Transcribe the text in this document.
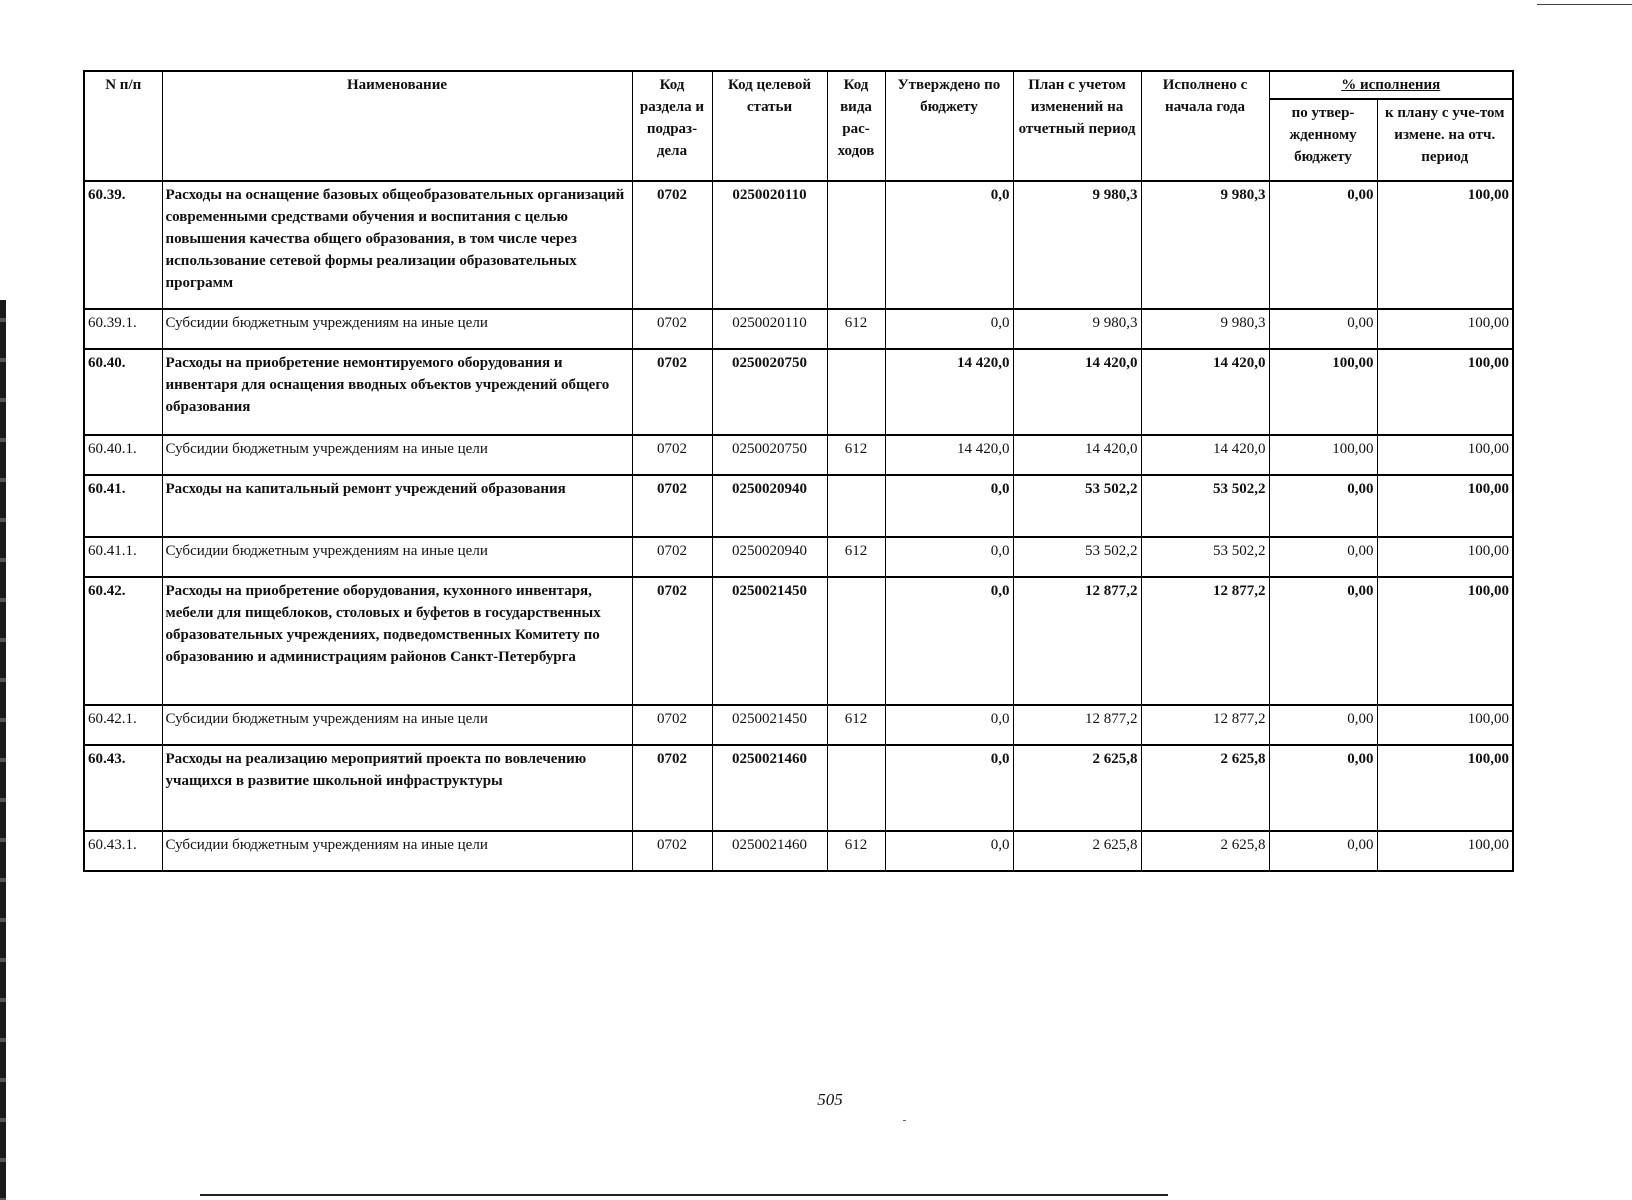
N п/п	Наименование	Код раздела и подраз-дела	Код целевой статьи	Код вида рас-ходов	Утверждено по бюджету	План с учетом изменений на отчетный период	Исполнено с начала года	% исполнения	
								по утвер-жденному бюджету	к плану с уче-том измене. на отч. период
60.39.	Расходы на оснащение базовых общеобразовательных организаций современными средствами обучения и воспитания с целью повышения качества общего образования, в том числе через использование сетевой формы реализации образовательных программ	0702	0250020110		0,0	9 980,3	9 980,3	0,00	100,00
60.39.1.	Субсидии бюджетным учреждениям на иные цели	0702	0250020110	612	0,0	9 980,3	9 980,3	0,00	100,00
60.40.	Расходы на приобретение немонтируемого оборудования и инвентаря для оснащения вводных объектов учреждений общего образования	0702	0250020750		14 420,0	14 420,0	14 420,0	100,00	100,00
60.40.1.	Субсидии бюджетным учреждениям на иные цели	0702	0250020750	612	14 420,0	14 420,0	14 420,0	100,00	100,00
60.41.	Расходы на капитальный ремонт учреждений образования	0702	0250020940		0,0	53 502,2	53 502,2	0,00	100,00
60.41.1.	Субсидии бюджетным учреждениям на иные цели	0702	0250020940	612	0,0	53 502,2	53 502,2	0,00	100,00
60.42.	Расходы на приобретение оборудования, кухонного инвентаря, мебели для пищеблоков, столовых и буфетов в государственных образовательных учреждениях, подведомственных Комитету по образованию и администрациям районов Санкт-Петербурга	0702	0250021450		0,0	12 877,2	12 877,2	0,00	100,00
60.42.1.	Субсидии бюджетным учреждениям на иные цели	0702	0250021450	612	0,0	12 877,2	12 877,2	0,00	100,00
60.43.	Расходы на реализацию мероприятий проекта по вовлечению учащихся в развитие школьной инфраструктуры	0702	0250021460		0,0	2 625,8	2 625,8	0,00	100,00
60.43.1.	Субсидии бюджетным учреждениям на иные цели	0702	0250021460	612	0,0	2 625,8	2 625,8	0,00	100,00
505
